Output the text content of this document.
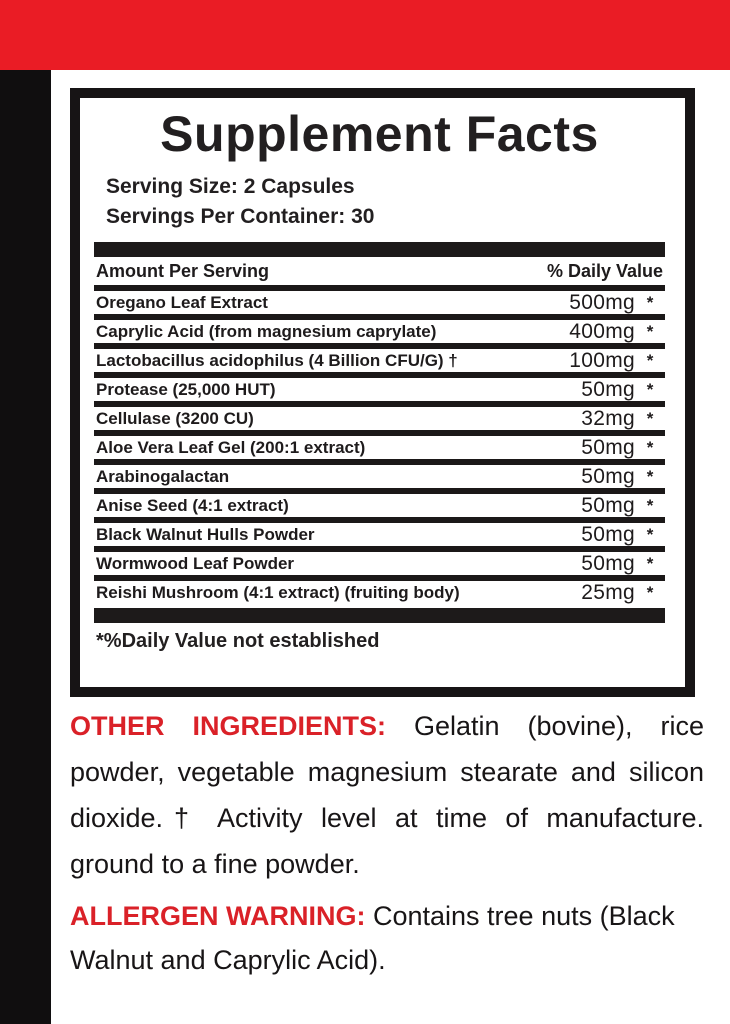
Supplement Facts
Serving Size: 2 Capsules
Servings Per Container: 30
Amount Per Serving	% Daily Value
Oregano Leaf Extract	500mg *
Caprylic Acid (from magnesium caprylate)	400mg *
Lactobacillus acidophilus (4 Billion CFU/G) †	100mg *
Protease (25,000 HUT)	50mg *
Cellulase (3200 CU)	32mg *
Aloe Vera Leaf Gel (200:1 extract)	50mg *
Arabinogalactan	50mg *
Anise Seed (4:1 extract)	50mg *
Black Walnut Hulls Powder	50mg *
Wormwood Leaf Powder	50mg *
Reishi Mushroom (4:1 extract) (fruiting body)	25mg *
*%Daily Value not established

OTHER INGREDIENTS: Gelatin (bovine), rice powder, vegetable magnesium stearate and silicon dioxide.† Activity level at time of manufacture. ground to a fine powder.

ALLERGEN WARNING: Contains tree nuts (Black Walnut and Caprylic Acid).
